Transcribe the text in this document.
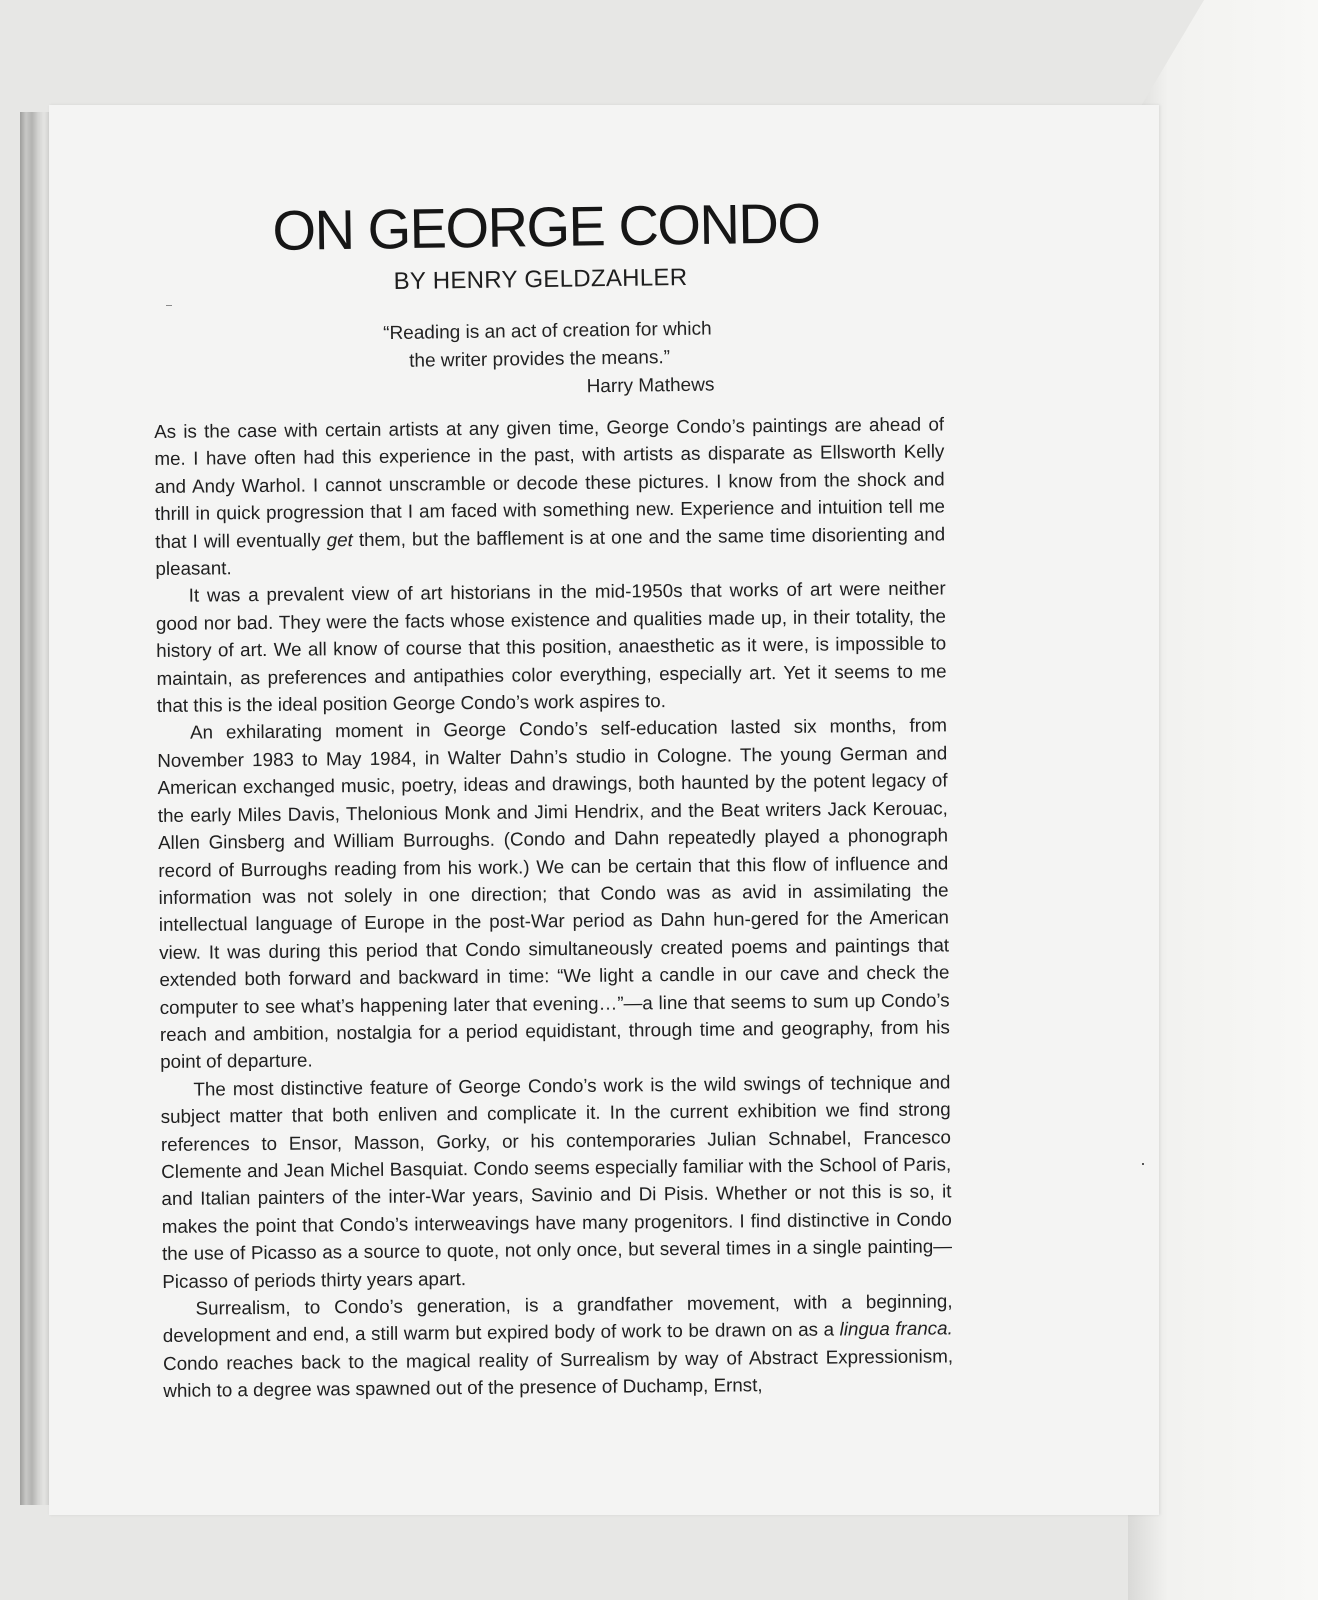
ON GEORGE CONDO
BY HENRY GELDZAHLER
“Reading is an act of creation for which
the writer provides the means.”
Harry Mathews

As is the case with certain artists at any given time, George Condo’s paintings are ahead of me. I have often had this experience in the past, with artists as disparate as Ellsworth Kelly and Andy Warhol. I cannot unscramble or decode these pictures. I know from the shock and thrill in quick progression that I am faced with something new. Experience and intuition tell me that I will eventually get them, but the bafflement is at one and the same time disorienting and pleasant.

It was a prevalent view of art historians in the mid-1950s that works of art were neither good nor bad. They were the facts whose existence and qualities made up, in their totality, the history of art. We all know of course that this position, anaesthetic as it were, is impossible to maintain, as preferences and antipathies color everything, especially art. Yet it seems to me that this is the ideal position George Condo’s work aspires to.

An exhilarating moment in George Condo’s self-education lasted six months, from November 1983 to May 1984, in Walter Dahn’s studio in Cologne. The young German and American exchanged music, poetry, ideas and drawings, both haunted by the potent legacy of the early Miles Davis, Thelonious Monk and Jimi Hendrix, and the Beat writers Jack Kerouac, Allen Ginsberg and William Burroughs. (Condo and Dahn repeatedly played a phonograph record of Burroughs reading from his work.) We can be certain that this flow of influence and information was not solely in one direction; that Condo was as avid in assimilating the intellectual language of Europe in the post-War period as Dahn hun-gered for the American view. It was during this period that Condo simultaneously created poems and paintings that extended both forward and backward in time: “We light a candle in our cave and check the computer to see what’s happening later that evening…”—a line that seems to sum up Condo’s reach and ambition, nostalgia for a period equidistant, through time and geography, from his point of departure.

The most distinctive feature of George Condo’s work is the wild swings of technique and subject matter that both enliven and complicate it. In the current exhibition we find strong references to Ensor, Masson, Gorky, or his contemporaries Julian Schnabel, Francesco Clemente and Jean Michel Basquiat. Condo seems especially familiar with the School of Paris, and Italian painters of the inter-War years, Savinio and Di Pisis. Whether or not this is so, it makes the point that Condo’s interweavings have many progenitors. I find distinctive in Condo the use of Picasso as a source to quote, not only once, but several times in a single painting—Picasso of periods thirty years apart.

Surrealism, to Condo’s generation, is a grandfather movement, with a beginning, development and end, a still warm but expired body of work to be drawn on as a lingua franca. Condo reaches back to the magical reality of Surrealism by way of Abstract Expressionism, which to a degree was spawned out of the presence of Duchamp, Ernst,
